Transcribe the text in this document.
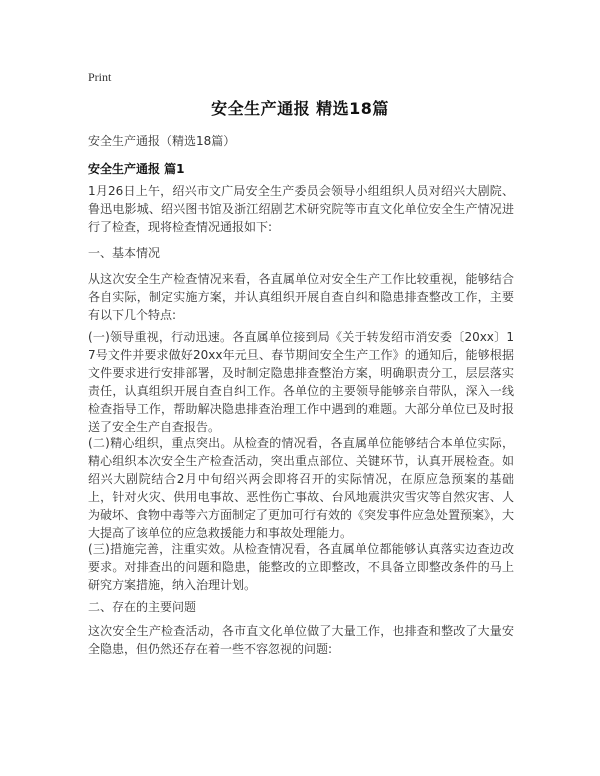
Print
安全生产通报 精选18篇
安全生产通报（精选18篇）
安全生产通报 篇1

1月26日上午，绍兴市文广局安全生产委员会领导小组组织人员对绍兴大剧院、鲁迅电影城、绍兴图书馆及浙江绍剧艺术研究院等市直文化单位安全生产情况进行了检查，现将检查情况通报如下:

一、基本情况

从这次安全生产检查情况来看，各直属单位对安全生产工作比较重视，能够结合各自实际，制定实施方案，并认真组织开展自查自纠和隐患排查整改工作，主要有以下几个特点:

(一)领导重视，行动迅速。各直属单位接到局《关于转发绍市消安委〔20xx〕17号文件并要求做好20xx年元旦、春节期间安全生产工作》的通知后，能够根据文件要求进行安排部署，及时制定隐患排查整治方案，明确职责分工，层层落实责任，认真组织开展自查自纠工作。各单位的主要领导能够亲自带队，深入一线检查指导工作，帮助解决隐患排查治理工作中遇到的难题。大部分单位已及时报送了安全生产自查报告。

(二)精心组织，重点突出。从检查的情况看，各直属单位能够结合本单位实际，精心组织本次安全生产检查活动，突出重点部位、关键环节，认真开展检查。如绍兴大剧院结合2月中旬绍兴两会即将召开的实际情况，在原应急预案的基础上，针对火灾、供用电事故、恶性伤亡事故、台风地震洪灾雪灾等自然灾害、人为破坏、食物中毒等六方面制定了更加可行有效的《突发事件应急处置预案》，大大提高了该单位的应急救援能力和事故处理能力。

(三)措施完善，注重实效。从检查情况看，各直属单位都能够认真落实边查边改要求。对排查出的问题和隐患，能整改的立即整改，不具备立即整改条件的马上研究方案措施，纳入治理计划。

二、存在的主要问题

这次安全生产检查活动，各市直文化单位做了大量工作，也排查和整改了大量安全隐患，但仍然还存在着一些不容忽视的问题:
